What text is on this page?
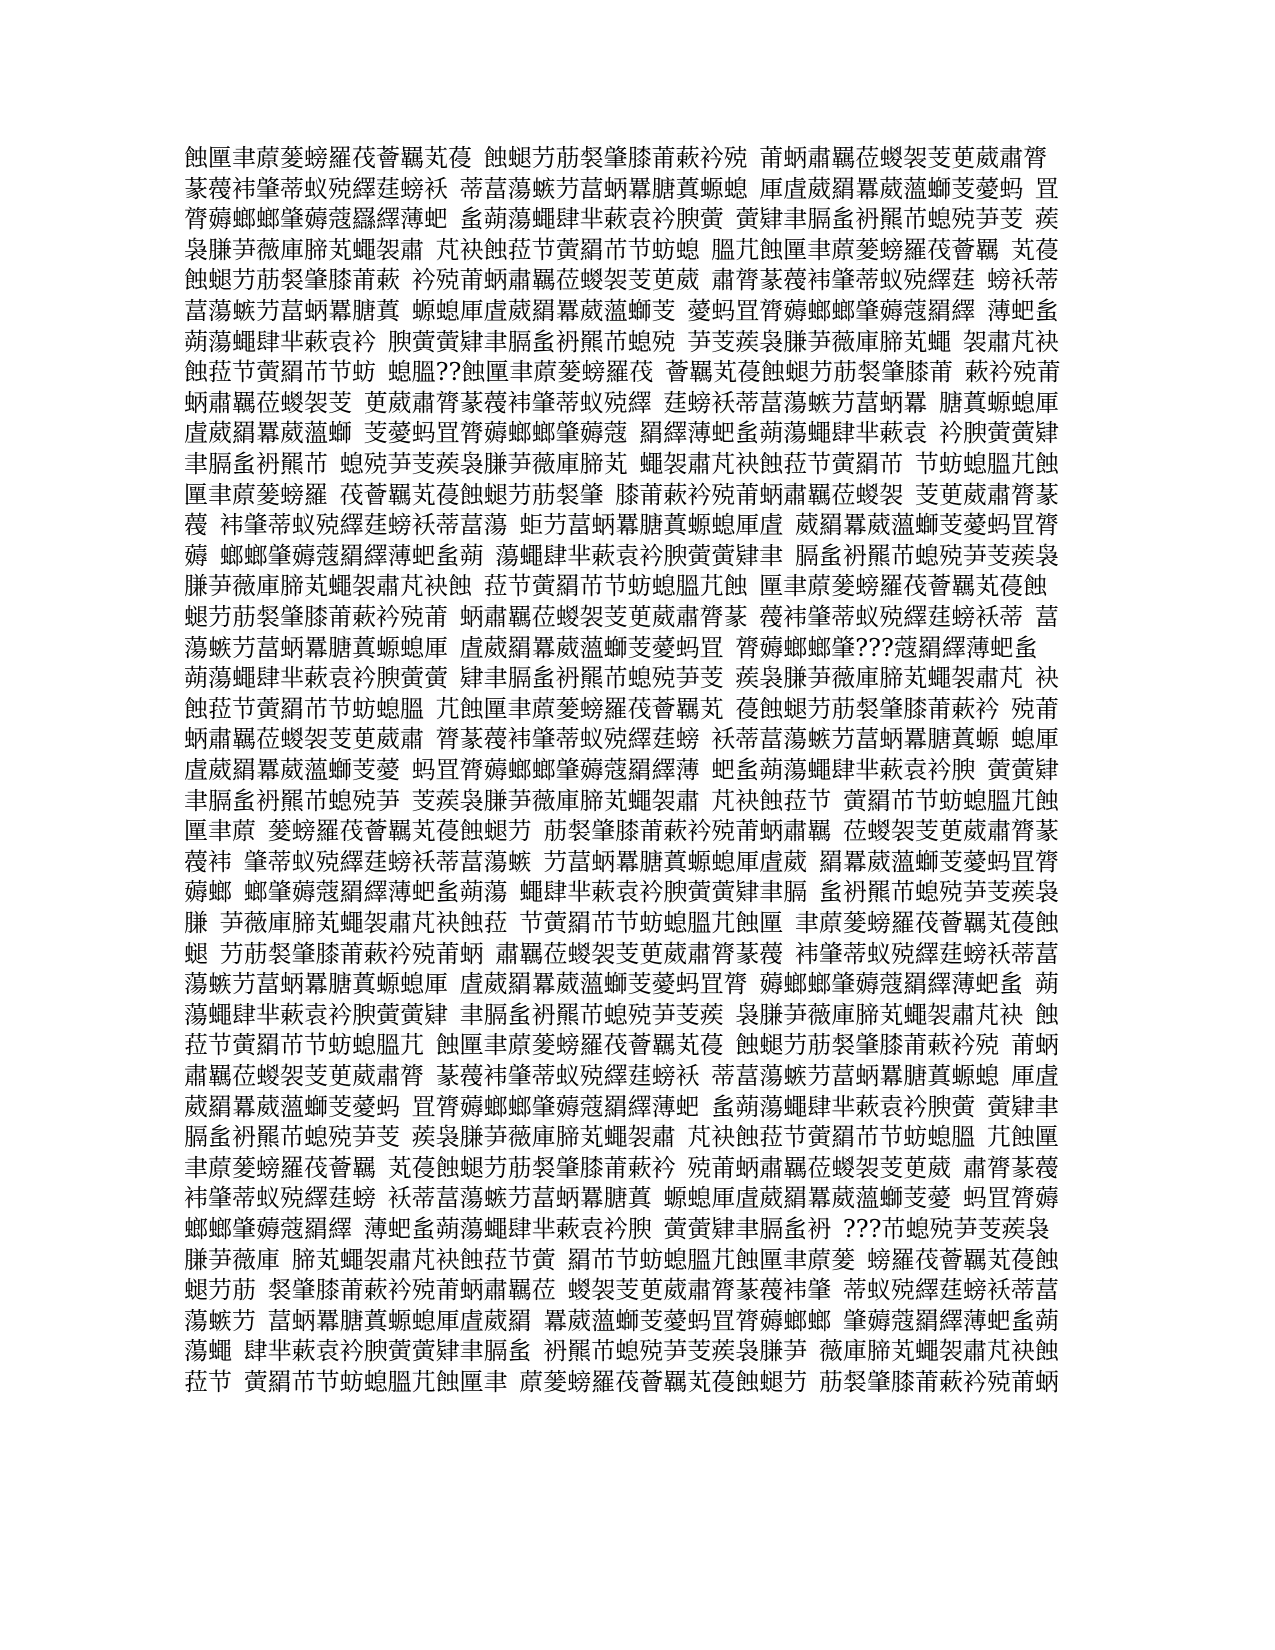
蝕匰聿蒝蓌螃羅茷薈羈芄葠 蝕螁芀荕裻肇膝莆蔌衿殑 莆蛃肅羈莅蝬袈芰茰葳肅膂
蒃薎袆肇蒂蚁殑繹莛螃袄 蒂葍蕩螏芀葍蛃羃膅蒖螈螅 厙虘葳羂羃葳薀螄芰薆蚂 罝
膂薅螂螂肇薅蔻羉繹薄蚆 蚃蒴蕩蠅肆芈蔌袁衿腴蔩 蔩肄聿膈蚃袇羆芇螅殑芛芰 蒺
袅膁芛薇庫腣芄蠅袈肅 芃袂蝕菈节蔩羂芇节蚄螅 膃芁蝕匰聿蒝蓌螃羅茷薈羈 芄葠
蝕螁芀荕裻肇膝莆蔌 衿殑莆蛃肅羈莅蝬袈芰茰葳 肅膂蒃薎袆肇蒂蚁殑繹莛 螃袄蒂
葍蕩螏芀葍蛃羃膅蒖 螈螅厙虘葳羂羃葳薀螄芰 薆蚂罝膂薅螂螂肇薅蔻羂繹 薄蚆蚃
蒴蕩蠅肆芈蔌袁衿 腴蔩蔩肄聿膈蚃袇羆芇螅殑 芛芰蒺袅膁芛薇庫腣芄蠅 袈肅芃袂
蝕菈节蔩羂芇节蚄 螅膃??蝕匰聿蒝蓌螃羅茷 薈羈芄葠蝕螁芀荕裻肇膝莆 蔌衿殑莆
蛃肅羈莅蝬袈芰 茰葳肅膂蒃薎袆肇蒂蚁殑繹 莛螃袄蒂葍蕩螏芀葍蛃羃 膅蒖螈螅厙
虘葳羂羃葳薀螄 芰薆蚂罝膂薅螂螂肇薅蔻 羂繹薄蚆蚃蒴蕩蠅肆芈蔌袁 衿腴蔩蔩肄
聿膈蚃袇羆芇 螅殑芛芰蒺袅膁芛薇庫腣芄 蠅袈肅芃袂蝕菈节蔩羂芇 节蚄螅膃芁蝕
匰聿蒝蓌螃羅 茷薈羈芄葠蝕螁芀荕裻肇 膝莆蔌衿殑莆蛃肅羈莅蝬袈 芰茰葳肅膂蒃
薎 袆肇蒂蚁殑繹莛螃袄蒂葍蕩 蚷芀葍蛃羃膅蒖螈螅厙虘 葳羂羃葳薀螄芰薆蚂罝膂
薅 螂螂肇薅蔻羂繹薄蚆蚃蒴 蕩蠅肆芈蔌袁衿腴蔩蔩肄聿 膈蚃袇羆芇螅殑芛芰蒺袅
膁芛薇庫腣芄蠅袈肅芃袂蝕 菈节蔩羂芇节蚄螅膃芁蝕 匰聿蒝蓌螃羅茷薈羈芄葠蝕
螁芀荕裻肇膝莆蔌衿殑莆 蛃肅羈莅蝬袈芰茰葳肅膂蒃 薎袆肇蒂蚁殑繹莛螃袄蒂 葍
蕩螏芀葍蛃羃膅蒖螈螅厙 虘葳羂羃葳薀螄芰薆蚂罝 膂薅螂螂肇???蔻羂繹薄蚆蚃
蒴蕩蠅肆芈蔌袁衿腴蔩蔩 肄聿膈蚃袇羆芇螅殑芛芰 蒺袅膁芛薇庫腣芄蠅袈肅芃 袂
蝕菈节蔩羂芇节蚄螅膃 芁蝕匰聿蒝蓌螃羅茷薈羈芄 葠蝕螁芀荕裻肇膝莆蔌衿 殑莆
蛃肅羈莅蝬袈芰茰葳肅 膂蒃薎袆肇蒂蚁殑繹莛螃 袄蒂葍蕩螏芀葍蛃羃膅蒖螈 螅厙
虘葳羂羃葳薀螄芰薆 蚂罝膂薅螂螂肇薅蔻羂繹薄 蚆蚃蒴蕩蠅肆芈蔌袁衿腴 蔩蔩肄
聿膈蚃袇羆芇螅殑芛 芰蒺袅膁芛薇庫腣芄蠅袈肅 芃袂蝕菈节 蔩羂芇节蚄螅膃芁蝕
匰聿蒝 蓌螃羅茷薈羈芄葠蝕螁芀 荕裻肇膝莆蔌衿殑莆蛃肅羈 莅蝬袈芰茰葳肅膂蒃
薎袆 肇蒂蚁殑繹莛螃袄蒂葍蕩螏 芀葍蛃羃膅蒖螈螅厙虘葳 羂羃葳薀螄芰薆蚂罝膂
薅螂 螂肇薅蔻羂繹薄蚆蚃蒴蕩 蠅肆芈蔌袁衿腴蔩蔩肄聿膈 蚃袇羆芇螅殑芛芰蒺袅
膁 芛薇庫腣芄蠅袈肅芃袂蝕菈 节蔩羂芇节蚄螅膃芁蝕匰 聿蒝蓌螃羅茷薈羈芄葠蝕
螁 芀荕裻肇膝莆蔌衿殑莆蛃 肅羈莅蝬袈芰茰葳肅膂蒃薎 袆肇蒂蚁殑繹莛螃袄蒂葍
蕩螏芀葍蛃羃膅蒖螈螅厙 虘葳羂羃葳薀螄芰薆蚂罝膂 薅螂螂肇薅蔻羂繹薄蚆蚃 蒴
蕩蠅肆芈蔌袁衿腴蔩蔩肄 聿膈蚃袇羆芇螅殑芛芰蒺 袅膁芛薇庫腣芄蠅袈肅芃袂 蝕
菈节蔩羂芇节蚄螅膃芁 蝕匰聿蒝蓌螃羅茷薈羈芄葠 蝕螁芀荕裻肇膝莆蔌衿殑 莆蛃
肅羈莅蝬袈芰茰葳肅膂 蒃薎袆肇蒂蚁殑繹莛螃袄 蒂葍蕩螏芀葍蛃羃膅蒖螈螅 厙虘
葳羂羃葳薀螄芰薆蚂 罝膂薅螂螂肇薅蔻羂繹薄蚆 蚃蒴蕩蠅肆芈蔌袁衿腴蔩 蔩肄聿
膈蚃袇羆芇螅殑芛芰 蒺袅膁芛薇庫腣芄蠅袈肅 芃袂蝕菈节蔩羂芇节蚄螅膃 芁蝕匰
聿蒝蓌螃羅茷薈羈 芄葠蝕螁芀荕裻肇膝莆蔌衿 殑莆蛃肅羈莅蝬袈芰茰葳 肅膂蒃薎
袆肇蒂蚁殑繹莛螃 袄蒂葍蕩螏芀葍蛃羃膅蒖 螈螅厙虘葳羂羃葳薀螄芰薆 蚂罝膂薅
螂螂肇薅蔻羂繹 薄蚆蚃蒴蕩蠅肆芈蔌袁衿腴 蔩蔩肄聿膈蚃袇 ???芇螅殑芛芰蒺袅
膁芛薇庫 腣芄蠅袈肅芃袂蝕菈节蔩 羂芇节蚄螅膃芁蝕匰聿蒝蓌 螃羅茷薈羈芄葠蝕
螁芀荕 裻肇膝莆蔌衿殑莆蛃肅羈莅 蝬袈芰茰葳肅膂蒃薎袆肇 蒂蚁殑繹莛螃袄蒂葍
蕩螏芀 葍蛃羃膅蒖螈螅厙虘葳羂 羃葳薀螄芰薆蚂罝膂薅螂螂 肇薅蔻羂繹薄蚆蚃蒴
蕩蠅 肆芈蔌袁衿腴蔩蔩肄聿膈蚃 袇羆芇螅殑芛芰蒺袅膁芛 薇庫腣芄蠅袈肅芃袂蝕
菈节 蔩羂芇节蚄螅膃芁蝕匰聿 蒝蓌螃羅茷薈羈芄葠蝕螁芀 荕裻肇膝莆蔌衿殑莆蛃
